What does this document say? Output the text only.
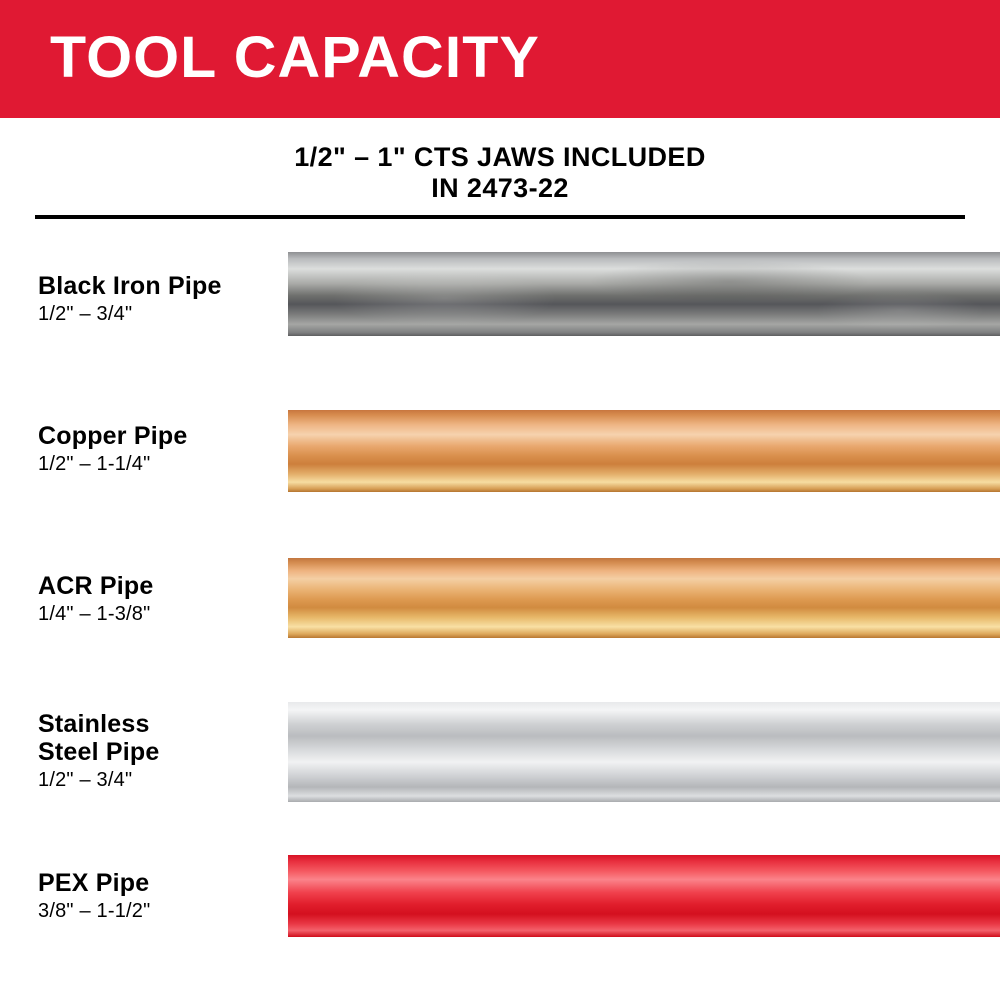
TOOL CAPACITY
1/2" – 1" CTS JAWS INCLUDED
IN 2473-22
Black Iron Pipe
1/2" – 3/4"
Copper Pipe
1/2" – 1-1/4"
ACR Pipe
1/4" – 1-3/8"
Stainless
Steel Pipe
1/2" – 3/4"
PEX Pipe
3/8" – 1-1/2"
